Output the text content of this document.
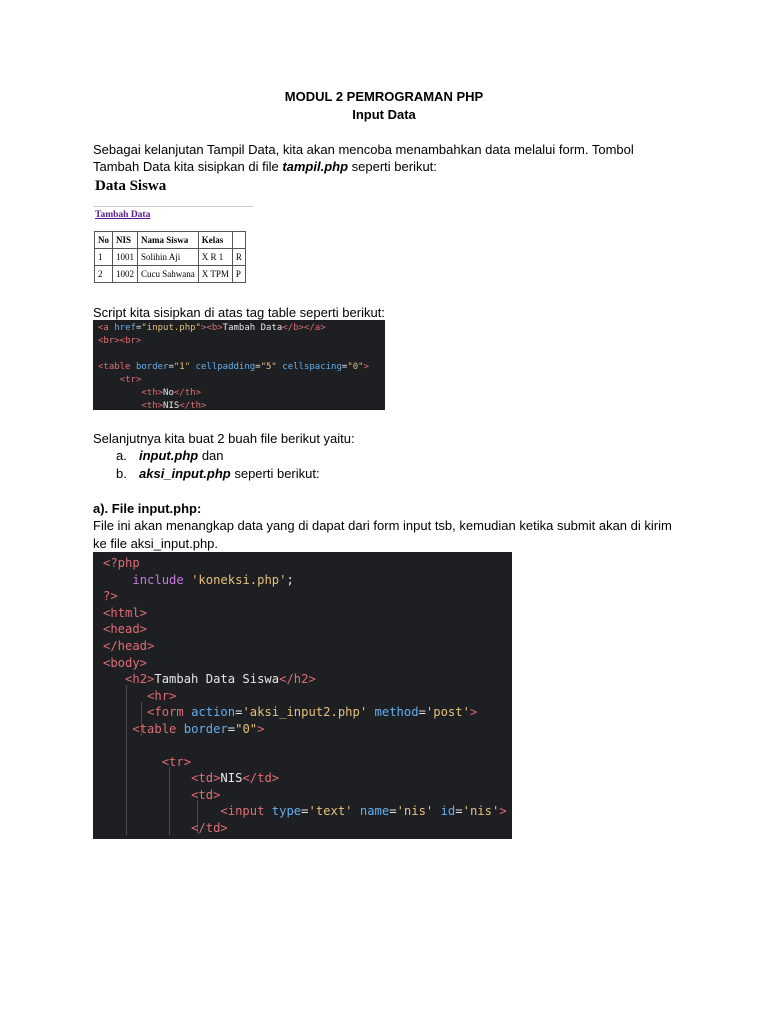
MODUL 2 PEMROGRAMAN PHP
Input Data
Sebagai kelanjutan Tampil Data, kita akan mencoba menambahkan data melalui form. Tombol
Tambah Data kita sisipkan di file tampil.php seperti berikut:
Data Siswa
Tambah Data
No	NIS	Nama Siswa	Kelas	
1	1001	Solihin Aji	X R 1	R
2	1002	Cucu Sahwana	X TPM	P
Script kita sisipkan di atas tag table seperti berikut:
<a href="input.php"><b>Tambah Data</b></a>
<br><br>
<table border="1" cellpadding="5" cellspacing="0">
<tr>
<th>No</th>
<th>NIS</th>
Selanjutnya kita buat 2 buah file berikut yaitu:
a. input.php dan
b. aksi_input.php seperti berikut:
a). File input.php:
File ini akan menangkap data yang di dapat dari form input tsb, kemudian ketika submit akan di kirim
ke file aksi_input.php.
<?php
include 'koneksi.php';
?>
<html>
<head>
</head>
<body>
<h2>Tambah Data Siswa</h2>
<hr>
<form action='aksi_input2.php' method='post'>
<table border="0">
<tr>
<td>NIS</td>
<td>
<input type='text' name='nis' id='nis'>
</td>
